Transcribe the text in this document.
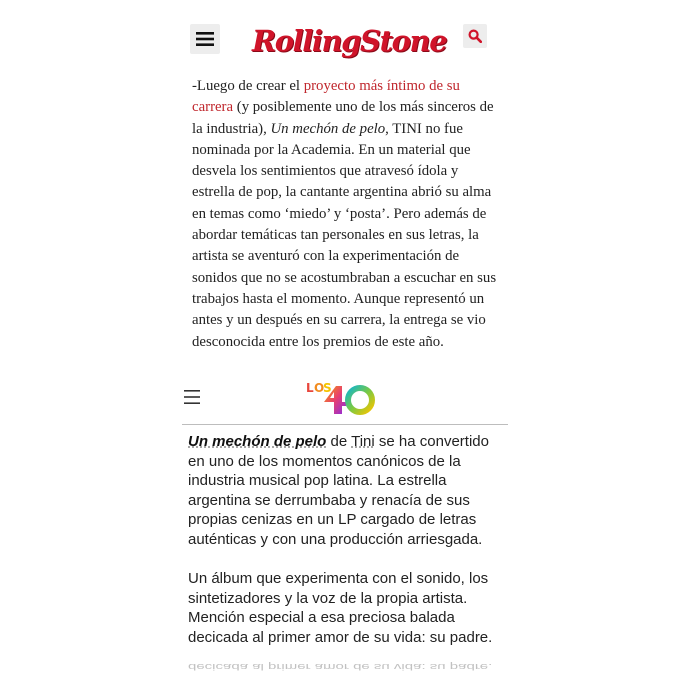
RollingStone

-Luego de crear el proyecto más íntimo de su carrera (y posiblemente uno de los más sinceros de la industria), Un mechón de pelo, TINI no fue nominada por la Academia. En un material que desvela los sentimientos que atravesó ídola y estrella de pop, la cantante argentina abrió su alma en temas como ‘miedo’ y ‘posta’. Pero además de abordar temáticas tan personales en sus letras, la artista se aventuró con la experimentación de sonidos que no se acostumbraban a escuchar en sus trabajos hasta el momento. Aunque representó un antes y un después en su carrera, la entrega se vio desconocida entre los premios de este año.

L O
S

Un mechón de pelo de Tini se ha convertido en uno de los momentos canónicos de la industria musical pop latina. La estrella argentina se derrumbaba y renacía de sus propias cenizas en un LP cargado de letras auténticas y con una producción arriesgada.

Un álbum que experimenta con el sonido, los sintetizadores y la voz de la propia artista. Mención especial a esa preciosa balada decicada al primer amor de su vida: su padre.

decicada al primer amor de su vida: su padre.
